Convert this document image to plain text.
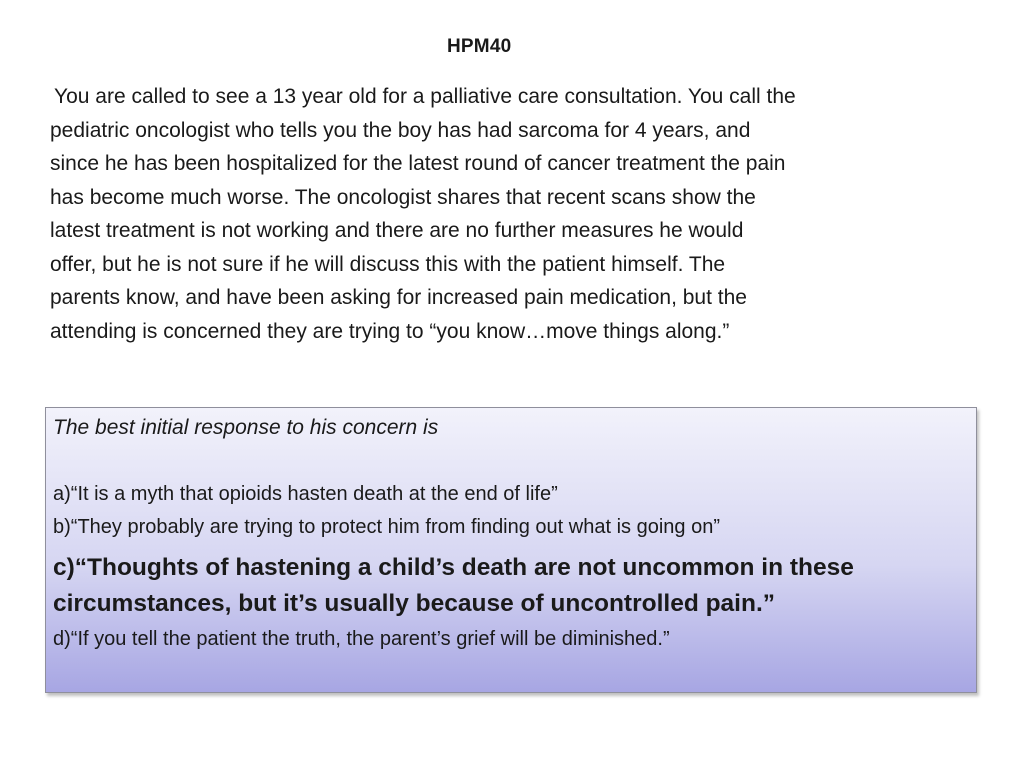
HPM40
You are called to see a 13 year old for a palliative care consultation. You call the
pediatric oncologist who tells you the boy has had sarcoma for 4 years, and
since he has been hospitalized for the latest round of cancer treatment the pain
has become much worse. The oncologist shares that recent scans show the
latest treatment is not working and there are no further measures he would
offer, but he is not sure if he will discuss this with the patient himself. The
parents know, and have been asking for increased pain medication, but the
attending is concerned they are trying to “you know…move things along.”
The best initial response to his concern is
a)“It is a myth that opioids hasten death at the end of life”
b)“They probably are trying to protect him from finding out what is going on”
c)“Thoughts of hastening a child’s death are not uncommon in these
circumstances, but it’s usually because of uncontrolled pain.”
d)“If you tell the patient the truth, the parent’s grief will be diminished.”
